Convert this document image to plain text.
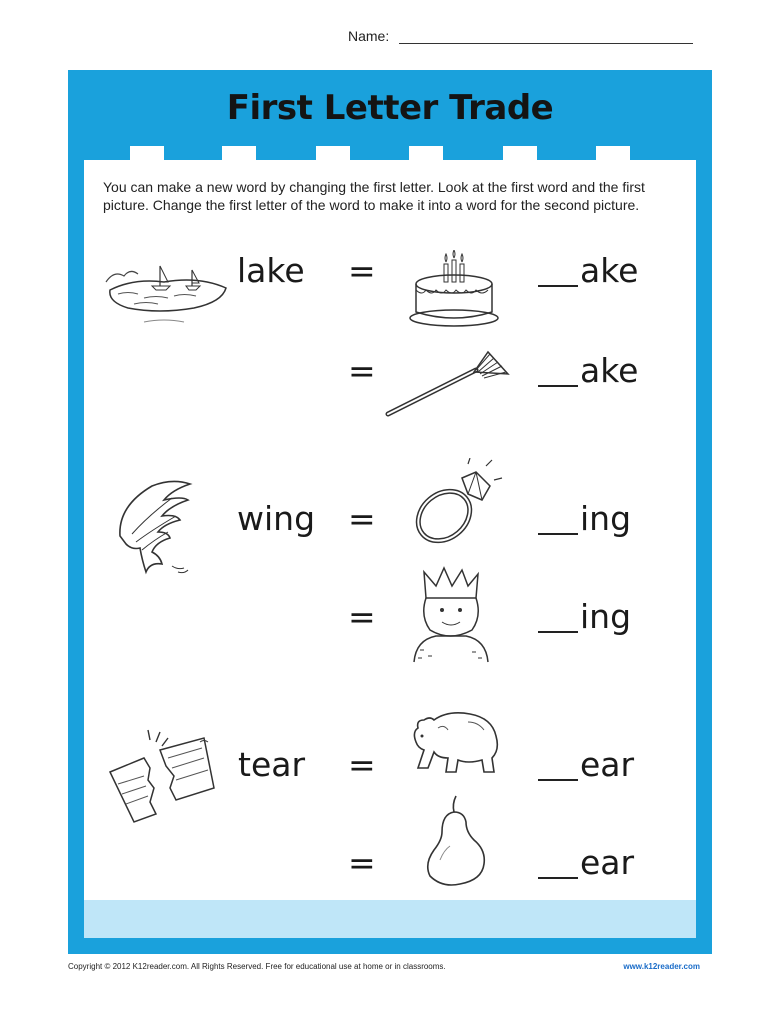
Name:
First Letter Trade
You can make a new word by changing the first letter. Look at the first word and the first picture. Change the first letter of the word to make it into a word for the second picture.
lake =	ake
=	ake
wing =	ing
=	ing
tear =	ear
=	ear
Copyright © 2012 K12reader.com. All Rights Reserved. Free for educational use at home or in classrooms.	www.k12reader.com
